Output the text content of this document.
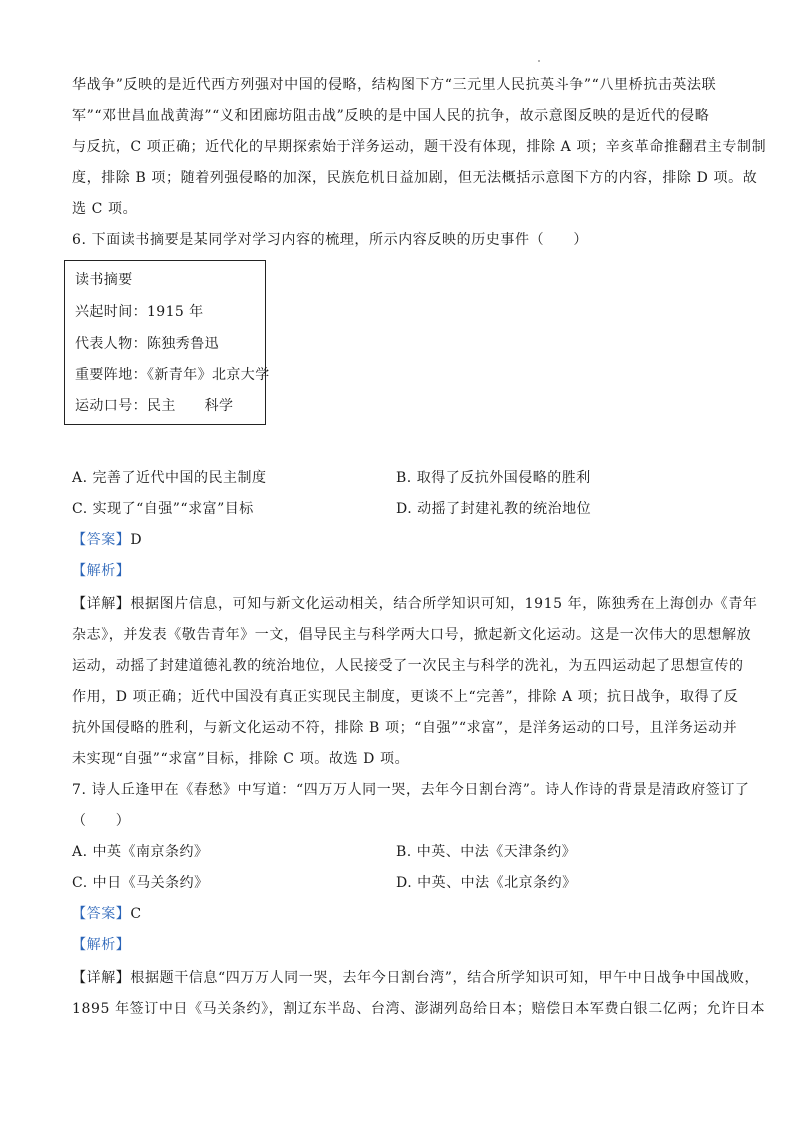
华战争”反映的是近代西方列强对中国的侵略，结构图下方“三元里人民抗英斗争”“八里桥抗击英法联
军”“邓世昌血战黄海”“义和团廊坊阻击战”反映的是中国人民的抗争，故示意图反映的是近代的侵略
与反抗，C 项正确；近代化的早期探索始于洋务运动，题干没有体现，排除 A 项；辛亥革命推翻君主专制制
度，排除 B 项；随着列强侵略的加深，民族危机日益加剧，但无法概括示意图下方的内容，排除 D 项。故
选 C 项。
6. 下面读书摘要是某同学对学习内容的梳理，所示内容反映的历史事件（　　）
读书摘要
兴起时间：1915 年
代表人物：陈独秀鲁迅
重要阵地：《新青年》北京大学
运动口号：民主　　科学
A. 完善了近代中国的民主制度	B. 取得了反抗外国侵略的胜利
C. 实现了“自强”“求富”目标	D. 动摇了封建礼教的统治地位
【答案】D
【解析】
【详解】根据图片信息，可知与新文化运动相关，结合所学知识可知，1915 年，陈独秀在上海创办《青年
杂志》，并发表《敬告青年》一文，倡导民主与科学两大口号，掀起新文化运动。这是一次伟大的思想解放
运动，动摇了封建道德礼教的统治地位，人民接受了一次民主与科学的洗礼，为五四运动起了思想宣传的
作用，D 项正确；近代中国没有真正实现民主制度，更谈不上“完善”，排除 A 项；抗日战争，取得了反
抗外国侵略的胜利，与新文化运动不符，排除 B 项；“自强”“求富”，是洋务运动的口号，且洋务运动并
未实现“自强”“求富”目标，排除 C 项。故选 D 项。
7. 诗人丘逢甲在《春愁》中写道：“四万万人同一哭，去年今日割台湾”。诗人作诗的背景是清政府签订了
（　　）
A. 中英《南京条约》	B. 中英、中法《天津条约》
C. 中日《马关条约》	D. 中英、中法《北京条约》
【答案】C
【解析】
【详解】根据题干信息“四万万人同一哭，去年今日割台湾”，结合所学知识可知，甲午中日战争中国战败，
1895 年签订中日《马关条约》，割辽东半岛、台湾、澎湖列岛给日本；赔偿日本军费白银二亿两；允许日本
